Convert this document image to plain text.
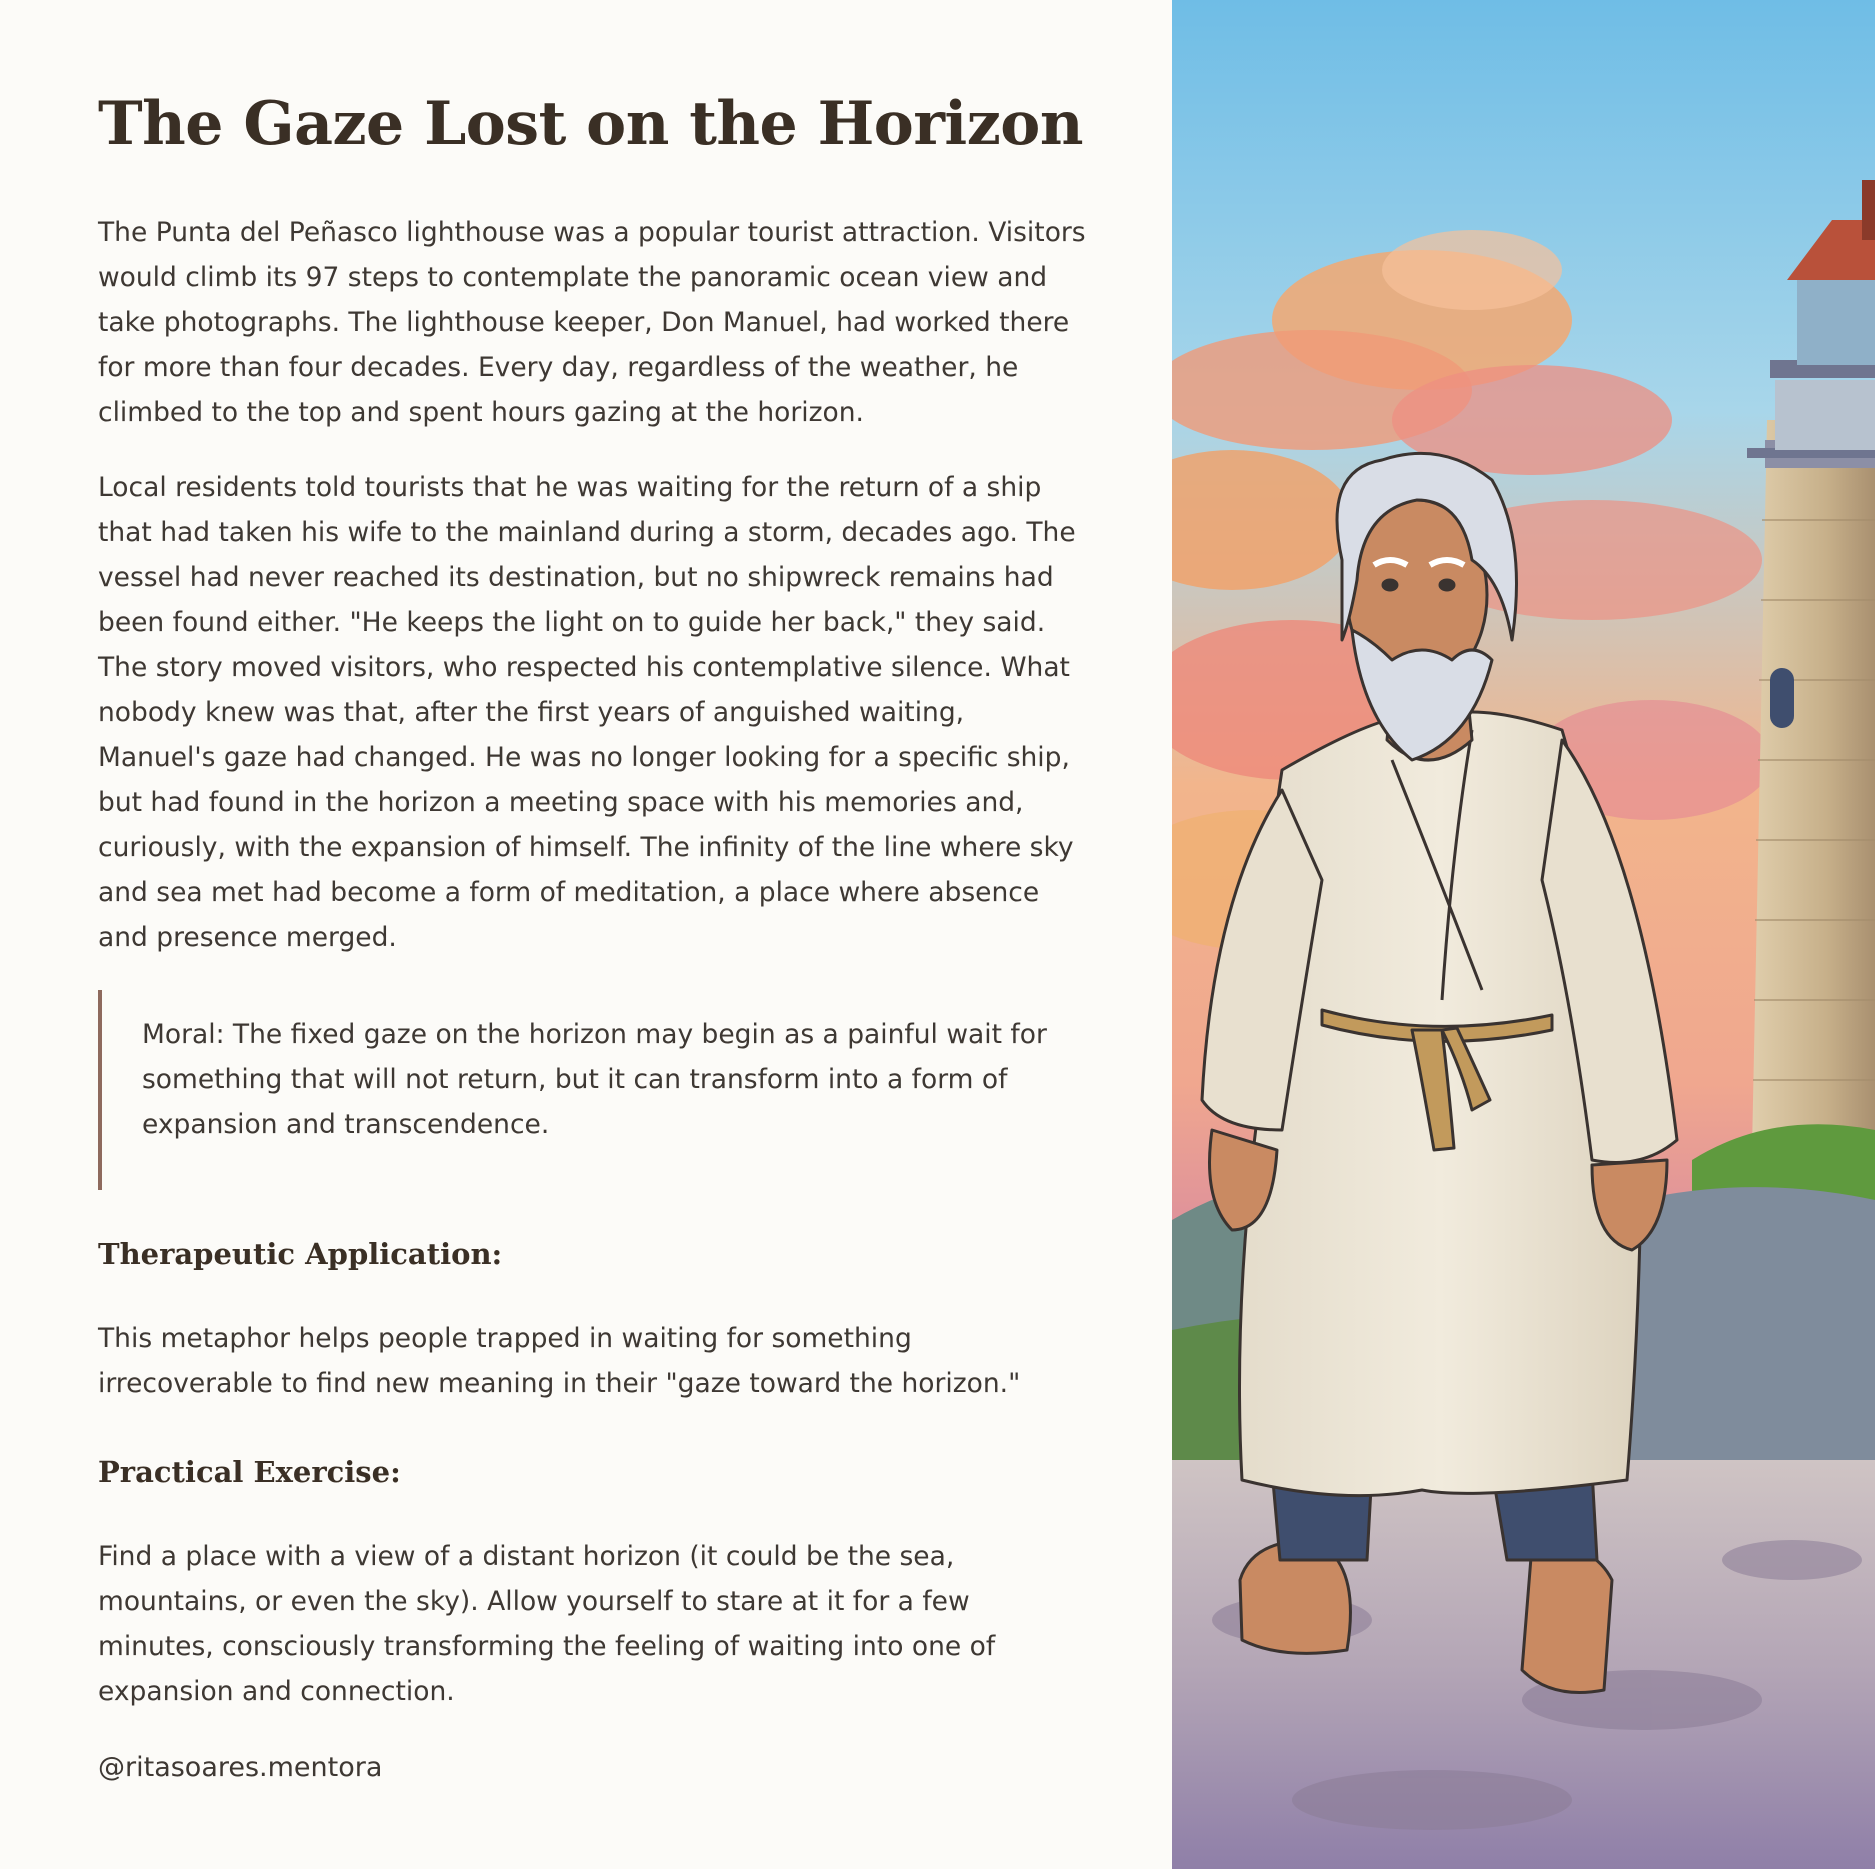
The Gaze Lost on the Horizon

The Punta del Peñasco lighthouse was a popular tourist attraction. Visitors would climb its 97 steps to contemplate the panoramic ocean view and take photographs. The lighthouse keeper, Don Manuel, had worked there for more than four decades. Every day, regardless of the weather, he climbed to the top and spent hours gazing at the horizon.

Local residents told tourists that he was waiting for the return of a ship that had taken his wife to the mainland during a storm, decades ago. The vessel had never reached its destination, but no shipwreck remains had been found either. "He keeps the light on to guide her back," they said. The story moved visitors, who respected his contemplative silence. What nobody knew was that, after the first years of anguished waiting, Manuel's gaze had changed. He was no longer looking for a specific ship, but had found in the horizon a meeting space with his memories and, curiously, with the expansion of himself. The infinity of the line where sky and sea met had become a form of meditation, a place where absence and presence merged.

Moral: The fixed gaze on the horizon may begin as a painful wait for something that will not return, but it can transform into a form of expansion and transcendence.

Therapeutic Application:

This metaphor helps people trapped in waiting for something irrecoverable to find new meaning in their "gaze toward the horizon."

Practical Exercise:

Find a place with a view of a distant horizon (it could be the sea, mountains, or even the sky). Allow yourself to stare at it for a few minutes, consciously transforming the feeling of waiting into one of expansion and connection.

@ritasoares.mentora
